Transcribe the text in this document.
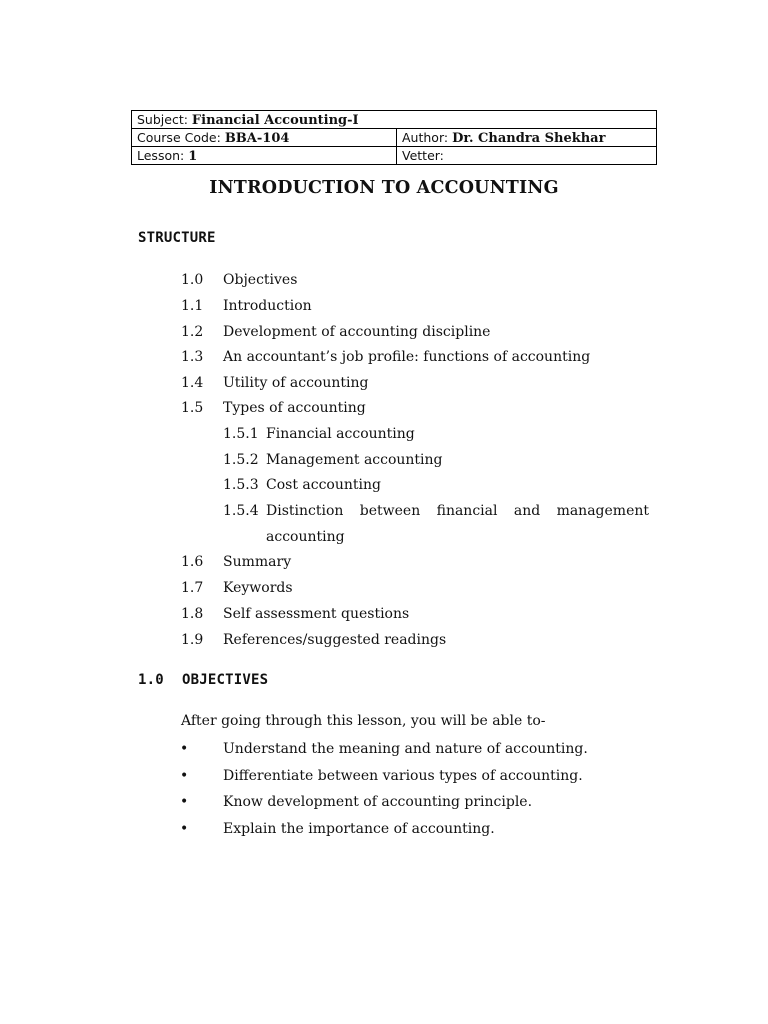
Subject: Financial Accounting-I	
Course Code: BBA-104	Author: Dr. Chandra Shekhar
Lesson: 1	Vetter:
INTRODUCTION TO ACCOUNTING
STRUCTURE
1.0 Objectives
1.1 Introduction
1.2 Development of accounting discipline
1.3 An accountant’s job profile: functions of accounting
1.4 Utility of accounting
1.5 Types of accounting
1.5.1 Financial accounting
1.5.2 Management accounting
1.5.3 Cost accounting
1.5.4 Distinction between financial and management
accounting
1.6 Summary
1.7 Keywords
1.8 Self assessment questions
1.9 References/suggested readings
1.0 OBJECTIVES
After going through this lesson, you will be able to-
• Understand the meaning and nature of accounting.
• Differentiate between various types of accounting.
• Know development of accounting principle.
• Explain the importance of accounting.
